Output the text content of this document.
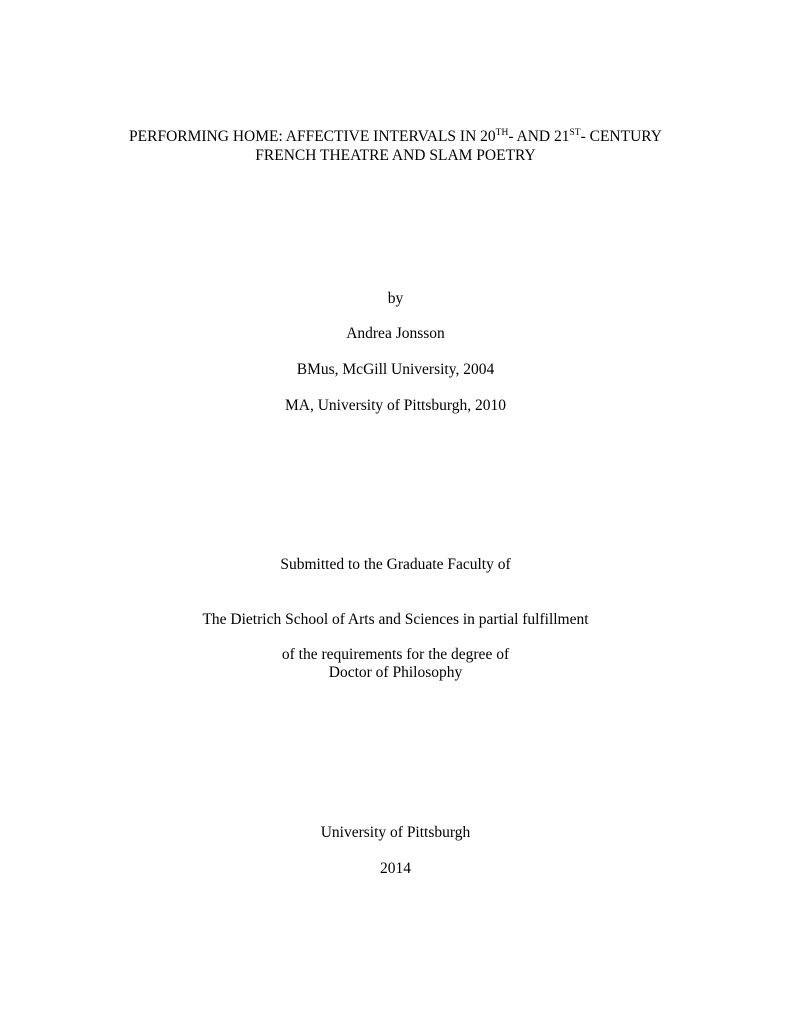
PERFORMING HOME: AFFECTIVE INTERVALS IN 20TH- AND 21ST- CENTURY
FRENCH THEATRE AND SLAM POETRY
by
Andrea Jonsson
BMus, McGill University, 2004
MA, University of Pittsburgh, 2010
Submitted to the Graduate Faculty of
The Dietrich School of Arts and Sciences in partial fulfillment
of the requirements for the degree of
Doctor of Philosophy
University of Pittsburgh
2014
